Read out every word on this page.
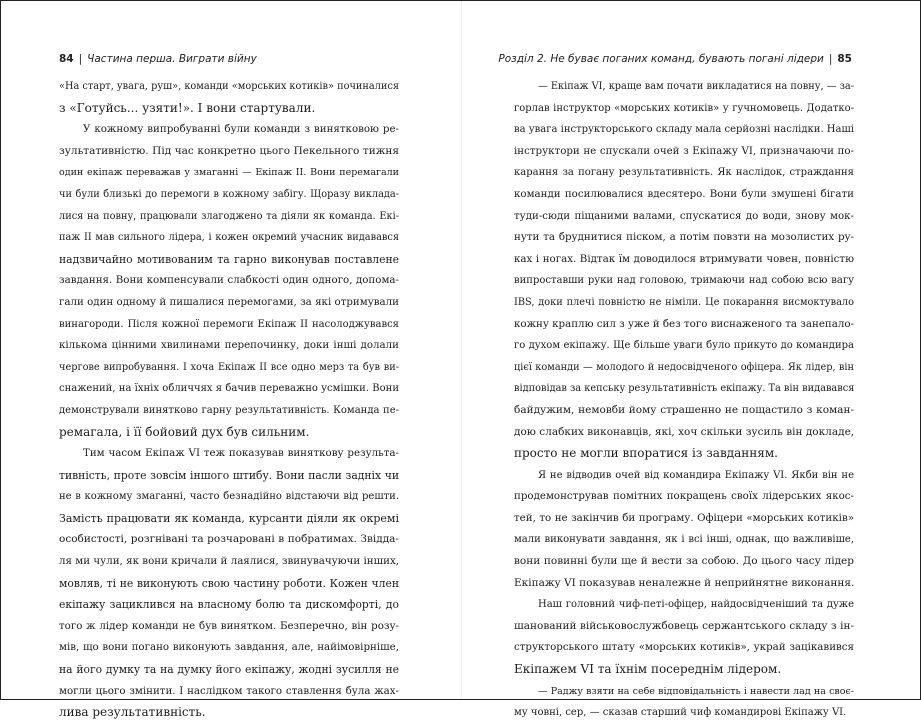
84 | Частина перша. Виграти війну	Розділ 2. Не буває поганих команд, бувають погані лідери | 85
«На старт, увага, руш», команди «морських котиків» починалися
з «Готуйсь... узяти!». І вони стартували.
У кожному випробуванні були команди з винятковою ре-
зультативністю. Під час конкретно цього Пекельного тижня
один екіпаж переважав у змаганні — Екіпаж ІІ. Вони перемагали
чи були близькі до перемоги в кожному забігу. Щоразу виклада-
лися на повну, працювали злагоджено та діяли як команда. Екі-
паж ІІ мав сильного лідера, і кожен окремий учасник видавався
надзвичайно мотивованим та гарно виконував поставлене
завдання. Вони компенсували слабкості один одного, допома-
гали один одному й пишалися перемогами, за які отримували
винагороди. Після кожної перемоги Екіпаж ІІ насолоджувався
кількома цінними хвилинами перепочинку, доки інші долали
чергове випробування. І хоча Екіпаж ІІ все одно мерз та був ви-
снажений, на їхніх обличчях я бачив переважно усмішки. Вони
демонстрували винятково гарну результативність. Команда пе-
ремагала, і її бойовий дух був сильним.
Тим часом Екіпаж VI теж показував виняткову результа-
тивність, проте зовсім іншого штибу. Вони пасли задніх чи
не в кожному змаганні, часто безнадійно відстаючи від решти.
Замість працювати як команда, курсанти діяли як окремі
особистості, розгнівані та розчаровані в побратимах. Звідда-
ля ми чули, як вони кричали й лаялися, звинувачуючи інших,
мовляв, ті не виконують свою частину роботи. Кожен член
екіпажу зациклився на власному болю та дискомфорті, до
того ж лідер команди не був винятком. Безперечно, він розу-
мів, що вони погано виконують завдання, але, найімовірніше,
на його думку та на думку його екіпажу, жодні зусилля не
могли цього змінити. І наслідком такого ставлення була жах-
лива результативність.
— Екіпаж VI, краще вам почати викладатися на повну, — за-
горлав інструктор «морських котиків» у гучномовець. Додатко-
ва увага інструкторського складу мала серйозні наслідки. Наші
інструктори не спускали очей з Екіпажу VI, призначаючи по-
карання за погану результативність. Як наслідок, страждання
команди посилювалися вдесятеро. Вони були змушені бігати
туди-сюди піщаними валами, спускатися до води, знову мок-
нути та бруднитися піском, а потім повзти на мозолистих ру-
ках і ногах. Відтак їм доводилося втримувати човен, повністю
випроставши руки над головою, тримаючи над собою всю вагу
IBS, доки плечі повністю не німіли. Це покарання висмоктувало
кожну краплю сил з уже й без того виснаженого та занепало-
го духом екіпажу. Ще більше уваги було прикуто до командира
цієї команди — молодого й недосвідченого офіцера. Як лідер, він
відповідав за кепську результативність екіпажу. Та він видавався
байдужим, немовби йому страшенно не пощастило з коман-
дою слабких виконавців, які, хоч скільки зусиль він докладе,
просто не могли впоратися із завданням.
Я не відводив очей від командира Екіпажу VI. Якби він не
продемонстрував помітних покращень своїх лідерських якос-
тей, то не закінчив би програму. Офіцери «морських котиків»
мали виконувати завдання, як і всі інші, однак, що важливіше,
вони повинні були ще й вести за собою. До цього часу лідер
Екіпажу VI показував неналежне й неприйнятне виконання.
Наш головний чиф-петі-офіцер, найдосвідченіший та дуже
шанований військовослужбовець сержантського складу з ін-
структорського штату «морських котиків», украй зацікавився
Екіпажем VI та їхнім посереднім лідером.
— Раджу взяти на себе відповідальність і навести лад на своє-
му човні, сер, — сказав старший чиф командирові Екіпажу VI.
